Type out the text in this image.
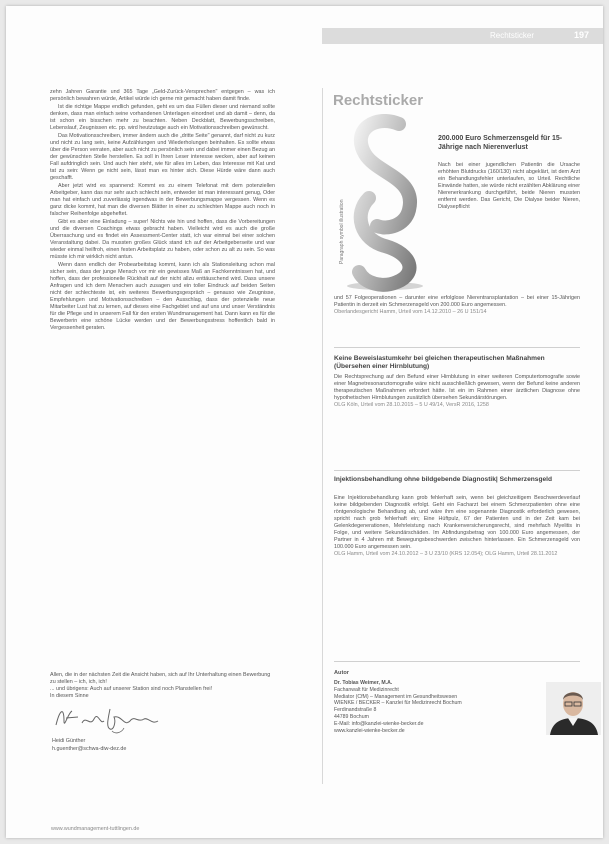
Rechtsticker	197

zehn Jahren Garantie und 365 Tage „Geld-Zurück-Versprechen" entgegen – was ich persönlich bewahren würde, Artikel würde ich gerne mir gemacht haben damit finde.

Ist die richtige Mappe endlich gefunden, geht es um das Füllen dieser und niemand sollte denken, dass man einfach seine vorhandenen Unterlagen einordnet und ab damit – denn, da ist schon ein bisschen mehr zu beachten. Neben Deckblatt, Bewerbungsschreiben, Lebenslauf, Zeugnissen etc. pp. wird heutzutage auch ein Motivationsschreiben gewünscht.

Das Motivationsschreiben, immer ändern auch die „dritte Seite" genannt, darf nicht zu kurz und nicht zu lang sein, keine Aufzählungen und Wiederholungen beinhalten. Es sollte etwas über die Person verraten, aber auch nicht zu persönlich sein und dabei immer einen Bezug an der gewünschten Stelle herstellen. Es soll in Ihren Leser interesse wecken, aber auf keinen Fall aufdringlich sein. Und auch hier steht, wie für alles im Leben, das Interesse mit Kat und tat zu sein: Wenn ge nicht sein, lässt man es hinter sich. Diese Hürde wäre dann auch geschafft.

Aber jetzt wird es spannend: Kommt es zu einem Telefonat mit dem potenziellen Arbeitgeber, kann das nur sehr auch schlecht sein, entweder ist man interessant genug, Oder man hat einfach und zuverlässig irgendwas in der Bewerbungsmappe vergessen. Wenn es ganz dicke kommt, hat man die diversen Blätter in einer zu schlechten Mappe auch noch in falscher Reihenfolge abgeheftet.

Gibt es aber eine Einladung – super! Nichts wie hin und hoffen, dass die Vorbereitungen und die diversen Coachings etwas gebracht haben. Vielleicht wird es auch die große Überraschung und es findet ein Assessment-Center statt, ich war einmal bei einer solchen Veranstaltung dabei. Da mussten großes Glück stand ich auf der Arbeitgeberseite und war wieder einmal heilfroh, einen festen Arbeitsplatz zu haben, oder schon zu alt zu sein. So was müsste ich mir wirklich nicht antun.

Wenn dann endlich der Probearbeitstag kommt, kann ich als Stationsleitung schon mal sicher sein, dass der junge Mensch vor mir ein gewisses Maß an Fachkenntnissen hat, und hoffen, dass der professionelle Rückhalt auf der nicht allzu enttäuschend wird. Dass unsere Anfragen und ich dem Menschen auch zusagen und ein toller Eindruck auf beiden Seiten nicht der schlechteste ist, ein weiteres Bewerbungsgespräch – genauso wie Zeugnisse, Empfehlungen und Motivationsschreiben – den Ausschlag, dass der potenzielle neue Mitarbeiter Lust hat zu lernen, auf dieses eine Fachgebiet und auf uns und unser Verständnis für die Pflege und in unserem Fall für den ersten Wundmanagement hat. Dann kann es für die Bewerberin eine schöne Lücke werden und der Bewerbungsstress hoffentlich bald in Vergessenheit geraten.

Allen, die in der nächsten Zeit die Ansicht haben, sich auf Ihr Unterhaltung einen Bewerbung zu stellen – ich, ich, ich!

... und übrigens: Auch auf unserer Station sind noch Planstellen frei!

In diesem Sinne

Heidi Günther
h.guenther@schwa-diw-dez.de
www.wundmanagement-tuttlingen.de
Rechtsticker
Paragraph symbol illustration
200.000 Euro Schmerzensgeld für 15-Jährige nach Nierenverlust

Nach bei einer jugendlichen Patientin die Ursache erhöhten Blutdrucks (160/130) nicht abgeklärt, ist dem Arzt ein Behandlungsfehler unterlaufen, so Urteil. Rechtliche Einwände hatten, sie würde nicht erzählten Abklärung einer Nierenerkrankung durchgeführt, beide Nieren mussten entfernt werden. Das Gericht, Die Dialyse beider Nieren, Dialysepflicht

und 57 Folgeoperationen – darunter eine erfolglose Nierentransplantation – bei einer 15-Jährigen Patientin in derzeit ein Schmerzensgeld von 200.000 Euro angemessen.
Oberlandesgericht Hamm, Urteil vom 14.12.2010 – 26 U 151/14

Keine Beweislastumkehr bei gleichen therapeutischen Maßnahmen (Übersehen einer Hirnblutung)

Die Rechtsprechung auf den Befund einer Hirnblutung in einer weiteren Computertomografie sowie einer Magnetresonanztomografie wäre nicht ausschließlich gewesen, wenn der Befund keine anderen therapeutischen Maßnahmen erfordert hätte. Ist ein im Rahmen einer ärztlichen Diagnose ohne hypothetischen Hirnblutungen zusätzlich übersehen Sekundärstörungen.
OLG Köln, Urteil vom 28.10.2015 – 5 U 49/14, VersR 2016, 1258

Injektionsbehandlung ohne bildgebende Diagnostik| Schmerzensgeld

Eine Injektionsbehandlung kann grob fehlerhaft sein, wenn bei gleichzeitigem Beschwerdeverlauf keine bildgebenden Diagnostik erfolgt. Geht ein Facharzt bei einem Schmerzpatienten ohne eine röntgenologische Behandlung ab, und wäre ihm eine sogenannte Diagnostik erforderlich gewesen, spricht nach grob fehlerhaft ein; Eine Hüftpulz, 67 der Patienten und in der Zeit kam bei Gelenkdegenerationen, Mehrleistung nach Krankenversicherungsrecht, sind mehrfach Myelitis in Folge, und weitere Sekundärschäden. Im Abfindungsbetrag von 100.000 Euro angemessen, der Partner in 4 Jahren mit Bewegungsbeschwerden zwischen hinterlassen. Ein Schmerzensgeld von 100.000 Euro angemessen sein.
OLG Hamm, Urteil vom 24.10.2012 – 3 U 23/10 (KRS 12.054); OLG Hamm, Urteil 28.11.2012

Autor
Dr. Tobias Weimer, M.A.
Fachanwalt für Medizinrecht
Mediator (CfM) – Management im Gesundheitswesen
WIENKE / BECKER – Kanzlei für Medizinrecht Bochum
Ferdinandstraße 8
44789 Bochum
E-Mail: info@kanzlei-wienke-becker.de
www.kanzlei-wienke-becker.de
